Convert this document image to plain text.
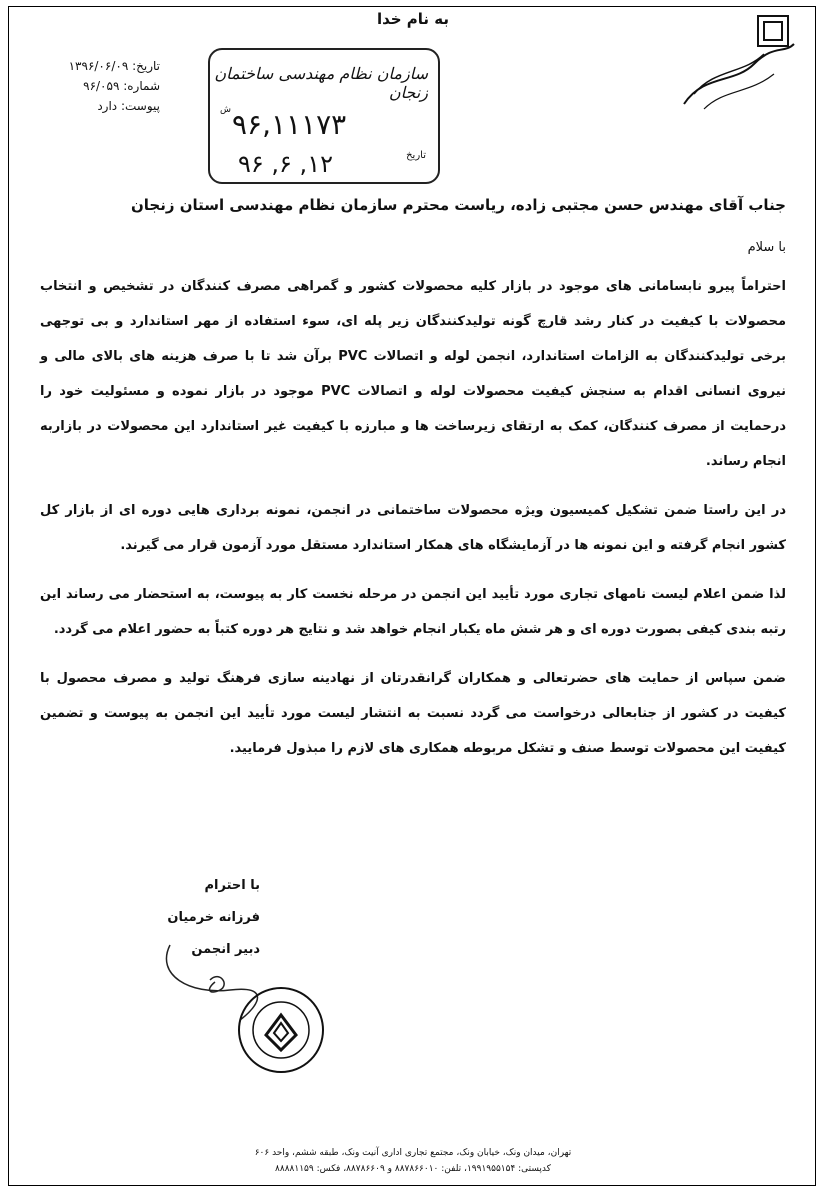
به نام خدا
تاریخ: ۱۳۹۶/۰۶/۰۹
شماره: ۹۶/۰۵۹
پیوست: دارد
سازمان نظام مهندسی ساختمان زنجان
ش ۹۶,۱۱۱۷۳
تاریخ
۹۶ ,۶ ,۱۲
جناب آقای مهندس حسن مجتبی زاده، ریاست محترم سازمان نظام مهندسی استان زنجان
با سلام

احتراماً پیرو نابسامانی های موجود در بازار کلیه محصولات کشور و گمراهی مصرف کنندگان در تشخیص و انتخاب محصولات با کیفیت در کنار رشد قارچ گونه تولیدکنندگان زیر پله ای، سوء استفاده از مهر استاندارد و بی توجهی برخی تولیدکنندگان به الزامات استاندارد، انجمن لوله و اتصالات PVC برآن شد تا با صرف هزینه های بالای مالی و نیروی انسانی اقدام به سنجش کیفیت محصولات لوله و اتصالات PVC موجود در بازار نموده و مسئولیت خود را درحمایت از مصرف کنندگان، کمک به ارتقای زیرساخت ها و مبارزه با کیفیت غیر استاندارد این محصولات در بازاربه انجام رساند.

در این راستا ضمن تشکیل کمیسیون ویژه محصولات ساختمانی در انجمن، نمونه برداری هایی دوره ای از بازار کل کشور انجام گرفته و این نمونه ها در آزمایشگاه های همکار استاندارد مستقل مورد آزمون قرار می گیرند.

لذا ضمن اعلام لیست نامهای تجاری مورد تأیید این انجمن در مرحله نخست کار به پیوست، به استحضار می رساند این رتبه بندی کیفی بصورت دوره ای و هر شش ماه یکبار انجام خواهد شد و نتایج هر دوره کتباً به حضور اعلام می گردد.

ضمن سپاس از حمایت های حضرتعالی و همکاران گرانقدرتان از نهادینه سازی فرهنگ تولید و مصرف محصول با کیفیت در کشور از جنابعالی درخواست می گردد نسبت به انتشار لیست مورد تأیید این انجمن به پیوست و تضمین کیفیت این محصولات توسط صنف و تشکل مربوطه همکاری های لازم را مبذول فرمایید.

با احترام
فرزانه خرمیان
دبیر انجمن
تهران، میدان ونک، خیابان ونک، مجتمع تجاری اداری آنیت ونک، طبقه ششم، واحد ۶۰۶
کدپستی: ۱۹۹۱۹۵۵۱۵۴، تلفن: ۸۸۷۸۶۶۰۱۰ و ۸۸۷۸۶۶۰۹، فکس: ۸۸۸۸۱۱۵۹
